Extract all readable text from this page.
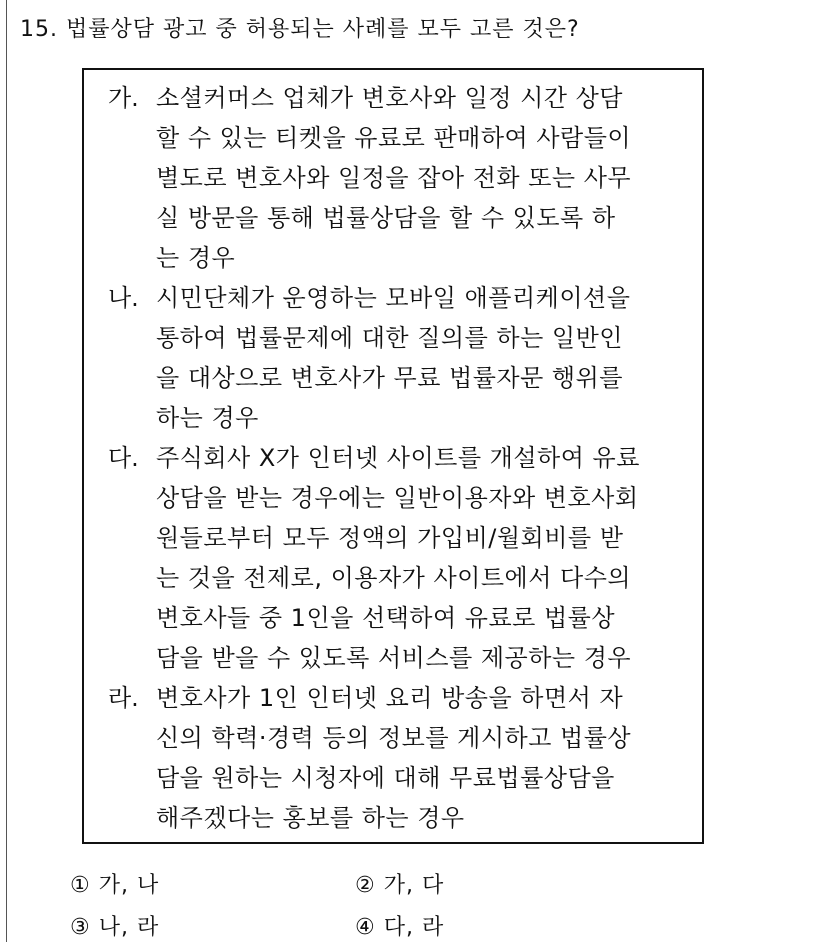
15. 법률상담 광고 중 허용되는 사례를 모두 고른 것은?
가. 소셜커머스 업체가 변호사와 일정 시간 상담
할 수 있는 티켓을 유료로 판매하여 사람들이
별도로 변호사와 일정을 잡아 전화 또는 사무
실 방문을 통해 법률상담을 할 수 있도록 하
는 경우
나. 시민단체가 운영하는 모바일 애플리케이션을
통하여 법률문제에 대한 질의를 하는 일반인
을 대상으로 변호사가 무료 법률자문 행위를
하는 경우
다. 주식회사 X가 인터넷 사이트를 개설하여 유료
상담을 받는 경우에는 일반이용자와 변호사회
원들로부터 모두 정액의 가입비/월회비를 받
는 것을 전제로, 이용자가 사이트에서 다수의
변호사들 중 1인을 선택하여 유료로 법률상
담을 받을 수 있도록 서비스를 제공하는 경우
라. 변호사가 1인 인터넷 요리 방송을 하면서 자
신의 학력·경력 등의 정보를 게시하고 법률상
담을 원하는 시청자에 대해 무료법률상담을
해주겠다는 홍보를 하는 경우
① 가, 나	② 가, 다
③ 나, 라	④ 다, 라
